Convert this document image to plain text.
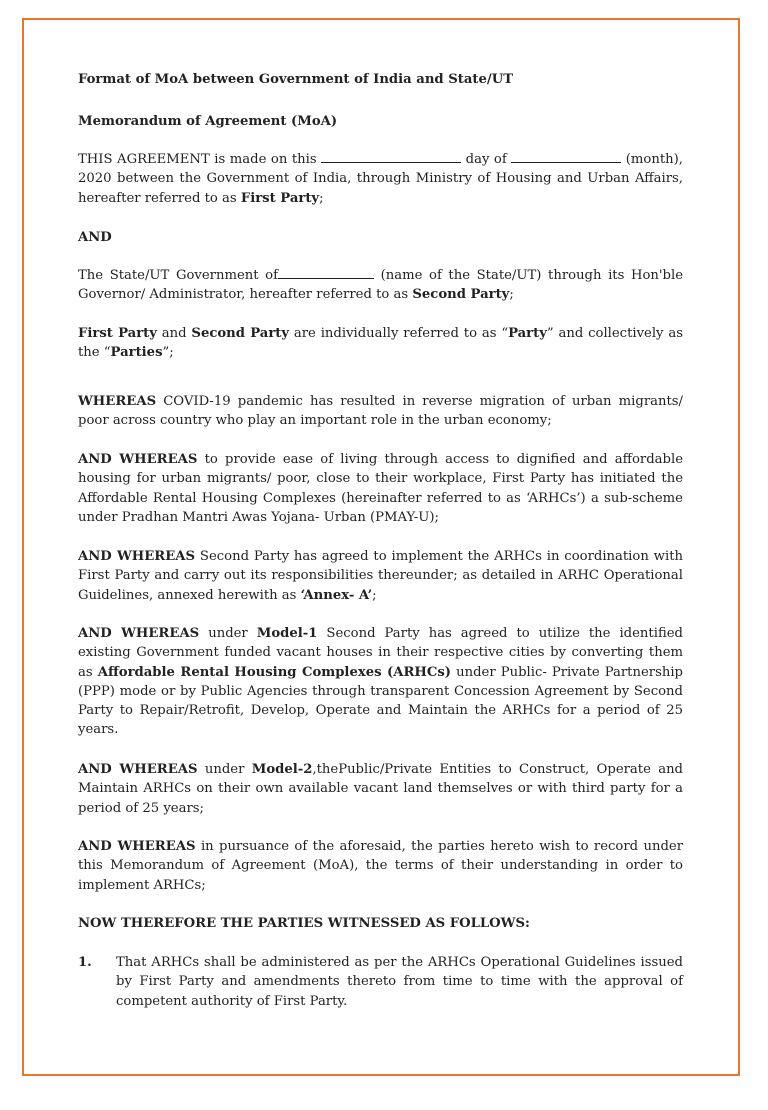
Format of MoA between Government of India and State/UT
Memorandum of Agreement (MoA)
THIS AGREEMENT is made on this	day of	(month), 2020 between the Government of India, through Ministry of Housing and Urban Affairs, hereafter referred to as First Party;
AND
The State/UT Government of	(name of the State/UT) through its Hon'ble Governor/ Administrator, hereafter referred to as Second Party;
First Party and Second Party are individually referred to as “Party” and collectively as the “Parties”;
WHEREAS COVID-19 pandemic has resulted in reverse migration of urban migrants/ poor across country who play an important role in the urban economy;
AND WHEREAS to provide ease of living through access to dignified and affordable housing for urban migrants/ poor, close to their workplace, First Party has initiated the Affordable Rental Housing Complexes (hereinafter referred to as ‘ARHCs’) a sub-scheme under Pradhan Mantri Awas Yojana- Urban (PMAY-U);
AND WHEREAS Second Party has agreed to implement the ARHCs in coordination with First Party and carry out its responsibilities thereunder; as detailed in ARHC Operational Guidelines, annexed herewith as ‘Annex- A’;
AND WHEREAS under Model-1 Second Party has agreed to utilize the identified existing Government funded vacant houses in their respective cities by converting them as Affordable Rental Housing Complexes (ARHCs) under Public- Private Partnership (PPP) mode or by Public Agencies through transparent Concession Agreement by Second Party to Repair/Retrofit, Develop, Operate and Maintain the ARHCs for a period of 25 years.
AND WHEREAS under Model-2,thePublic/Private Entities to Construct, Operate and Maintain ARHCs on their own available vacant land themselves or with third party for a period of 25 years;
AND WHEREAS in pursuance of the aforesaid, the parties hereto wish to record under this Memorandum of Agreement (MoA), the terms of their understanding in order to implement ARHCs;
NOW THEREFORE THE PARTIES WITNESSED AS FOLLOWS:
1. That ARHCs shall be administered as per the ARHCs Operational Guidelines issued by First Party and amendments thereto from time to time with the approval of competent authority of First Party.
